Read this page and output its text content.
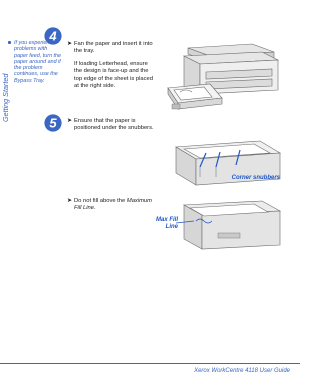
Getting Started
4
5

If you experience problems with paper feed, turn the paper around and if the problem continues, use the Bypass Tray.

➤ Fan the paper and insert it into the tray.

If loading Letterhead, ensure the design is face-up and the top edge of the sheet is placed at the right side.

➤ Ensure that the paper is positioned under the snubbers.

Corner snubbers
➤ Do not fill above the Maximum Fill Line.

Max Fill Line
Xerox WorkCentre 4118 User Guide
